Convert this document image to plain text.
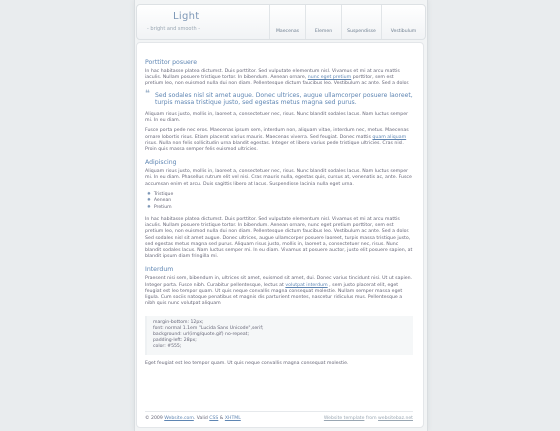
Light
- bright and smooth -	Maecenas	Elemen	Suspendisse	Vestibulum
Porttitor posuere

In hac habitasse platea dictumst. Duis porttitor. Sed vulputate elementum nisl. Vivamus et mi at arcu mattis iaculis. Nullam posuere tristique tortor. In bibendum. Aenean ornare, nunc eget pretium porttitor, sem est pretium leo, non euismod nulla dui non diam. Pellentesque dictum faucibus leo. Vestibulum ac ante. Sed a dolor.

❝ Sed sodales nisl sit amet augue. Donec ultrices, augue ullamcorper posuere laoreet, turpis massa tristique justo, sed egestas metus magna sed purus.

Aliquam risus justo, mollis in, laoreet a, consectetuer nec, risus. Nunc blandit sodales lacus. Nam luctus semper mi. In eu diam.

Fusce porta pede nec eros. Maecenas ipsum sem, interdum non, aliquam vitae, interdum nec, metus. Maecenas ornare lobortis risus. Etiam placerat varius mauris. Maecenas viverra. Sed feugiat. Donec mattis quam aliquam risus. Nulla non felis sollicitudin urna blandit egestas. Integer et libero varius pede tristique ultricies. Cras nisl. Proin quis massa semper felis euismod ultricies.

Adipiscing

Aliquam risus justo, mollis in, laoreet a, consectetuer nec, risus. Nunc blandit sodales lacus. Nam luctus semper mi. In eu diam. Phasellus rutrum elit vel nisi. Cras mauris nulla, egestas quis, cursus at, venenatis ac, ante. Fusce accumsan enim et arcu. Duis sagittis libero at lacus. Suspendisse lacinia nulla eget urna.

✸ Tristique
✸ Aenean
✸ Pretium

In hac habitasse platea dictumst. Duis porttitor. Sed vulputate elementum nisl. Vivamus et mi at arcu mattis iaculis. Nullam posuere tristique tortor. In bibendum. Aenean ornare, nunc eget pretium porttitor, sem est pretium leo, non euismod nulla dui non diam. Pellentesque dictum faucibus leo. Vestibulum ac ante. Sed a dolor. Sed sodales nisl sit amet augue. Donec ultrices, augue ullamcorper posuere laoreet, turpis massa tristique justo, sed egestas metus magna sed purus. Aliquam risus justo, mollis in, laoreet a, consectetuer nec, risus. Nunc blandit sodales lacus. Nam luctus semper mi. In eu diam. Vivamus at posuere auctor, justo elit posuere sapien, at blandit ipsum diam fringilla mi.

Interdum

Praesent nisi sem, bibendum in, ultrices sit amet, euismod sit amet, dui. Donec varius tincidunt nisi. Ut ut sapien. Integer porta. Fusce nibh. Curabitur pellentesque, lectus at volutpat interdum , sem justo placerat elit, eget feugiat est leo tempor quam. Ut quis neque convallis magna consequat molestie. Nullam semper massa eget ligula. Cum sociis natoque penatibus et magnis dis parturient montes, nascetur ridiculus mus. Pellentesque a nibh quis nunc volutpat aliquam

margin-bottom: 12px;
font: normal 1.1em "Lucida Sans Unicode",serif;
background: url(img/quote.gif) no-repeat;
padding-left: 28px;
color: #555;

Eget feugiat est leo tempor quam. Ut quis neque convallis magna consequat molestie.

© 2009 Website.com. Valid CSS & XHTML	Website template from websitebaz.net
